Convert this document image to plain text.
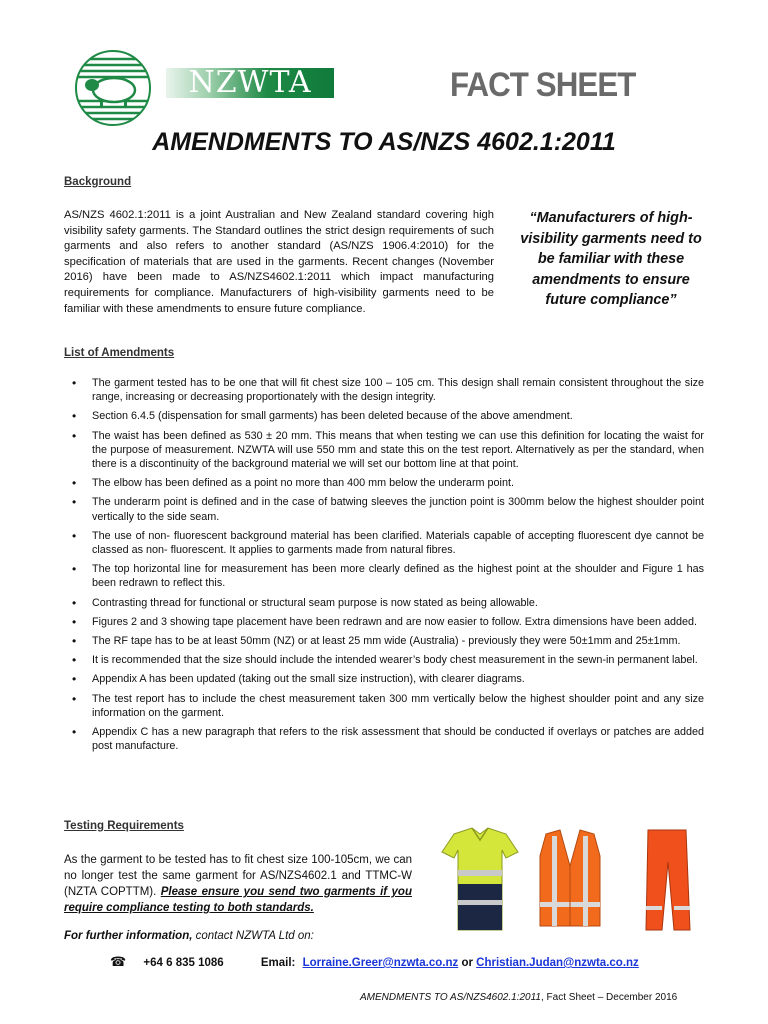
NZWTA	FACT SHEET
AMENDMENTS TO AS/NZS 4602.1:2011
Background
AS/NZS 4602.1:2011 is a joint Australian and New Zealand standard covering high visibility safety garments. The Standard outlines the strict design requirements of such garments and also refers to another standard (AS/NZS 1906.4:2010) for the specification of materials that are used in the garments. Recent changes (November 2016) have been made to AS/NZS4602.1:2011 which impact manufacturing requirements for compliance. Manufacturers of high-visibility garments need to be familiar with these amendments to ensure future compliance.
“Manufacturers of high-visibility garments need to be familiar with these amendments to ensure future compliance”
List of Amendments
• The garment tested has to be one that will fit chest size 100 – 105 cm. This design shall remain consistent throughout the size range, increasing or decreasing proportionately with the design integrity.
• Section 6.4.5 (dispensation for small garments) has been deleted because of the above amendment.
• The waist has been defined as 530 ± 20 mm. This means that when testing we can use this definition for locating the waist for the purpose of measurement. NZWTA will use 550 mm and state this on the test report. Alternatively as per the standard, when there is a discontinuity of the background material we will set our bottom line at that point.
• The elbow has been defined as a point no more than 400 mm below the underarm point.
• The underarm point is defined and in the case of batwing sleeves the junction point is 300mm below the highest shoulder point vertically to the side seam.
• The use of non- fluorescent background material has been clarified. Materials capable of accepting fluorescent dye cannot be classed as non- fluorescent. It applies to garments made from natural fibres.
• The top horizontal line for measurement has been more clearly defined as the highest point at the shoulder and Figure 1 has been redrawn to reflect this.
• Contrasting thread for functional or structural seam purpose is now stated as being allowable.
• Figures 2 and 3 showing tape placement have been redrawn and are now easier to follow. Extra dimensions have been added.
• The RF tape has to be at least 50mm (NZ) or at least 25 mm wide (Australia) - previously they were 50±1mm and 25±1mm.
• It is recommended that the size should include the intended wearer’s body chest measurement in the sewn-in permanent label.
• Appendix A has been updated (taking out the small size instruction), with clearer diagrams.
• The test report has to include the chest measurement taken 300 mm vertically below the highest shoulder point and any size information on the garment.
• Appendix C has a new paragraph that refers to the risk assessment that should be conducted if overlays or patches are added post manufacture.
Testing Requirements
As the garment to be tested has to fit chest size 100-105cm, we can no longer test the same garment for AS/NZS4602.1 and TTMC-W (NZTA COPTTM). Please ensure you send two garments if you require compliance testing to both standards.
For further information, contact NZWTA Ltd on:
☎ +64 6 835 1086	Email: Lorraine.Greer@nzwta.co.nz or Christian.Judan@nzwta.co.nz
AMENDMENTS TO AS/NZS4602.1:2011, Fact Sheet – December 2016
